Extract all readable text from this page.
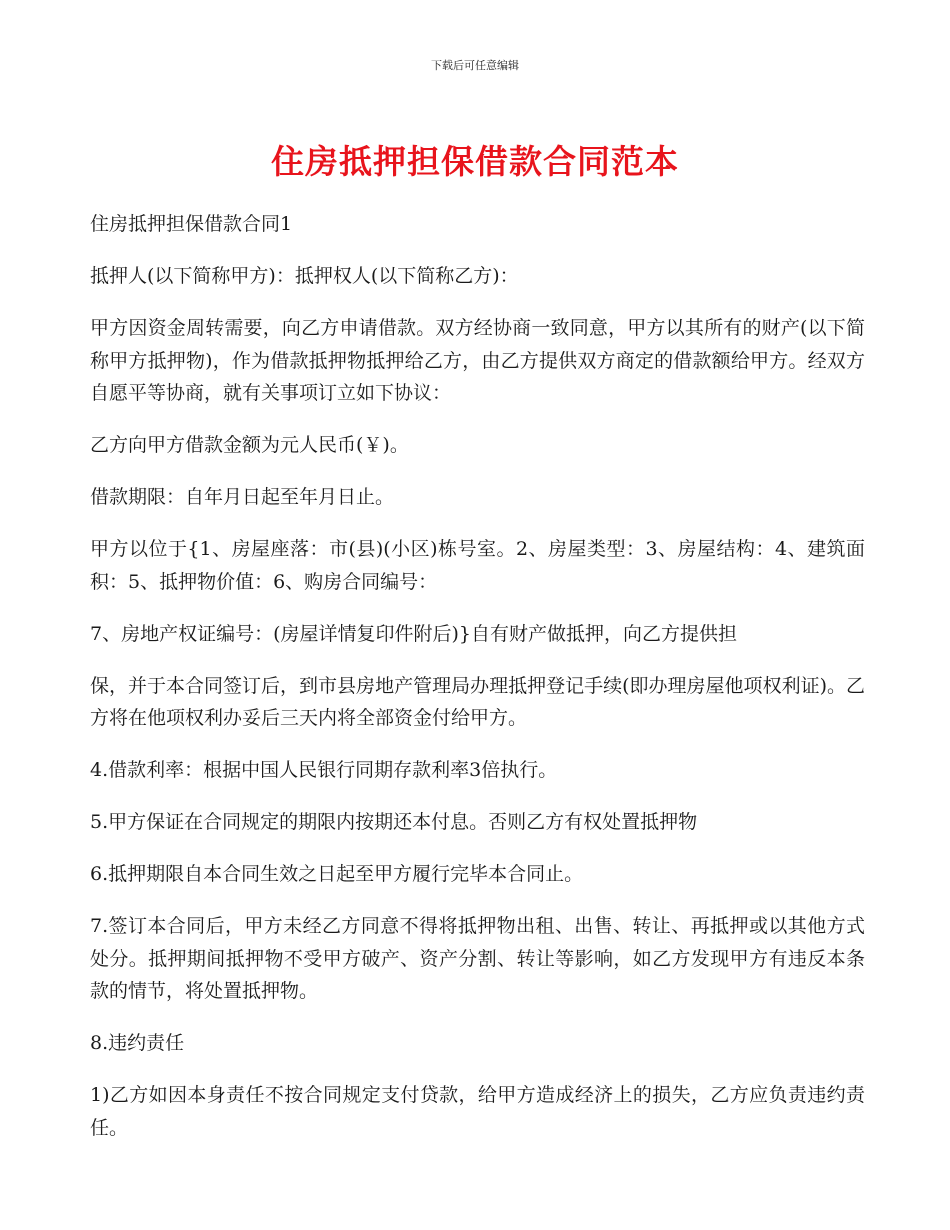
下载后可任意编辑
住房抵押担保借款合同范本

住房抵押担保借款合同1

抵押人(以下简称甲方)：抵押权人(以下简称乙方)：

甲方因资金周转需要，向乙方申请借款。双方经协商一致同意，甲方以其所有的财产(以下简称甲方抵押物)，作为借款抵押物抵押给乙方，由乙方提供双方商定的借款额给甲方。经双方自愿平等协商，就有关事项订立如下协议：

乙方向甲方借款金额为元人民币(￥)。

借款期限：自年月日起至年月日止。

甲方以位于{1、房屋座落：市(县)(小区)栋号室。2、房屋类型：3、房屋结构：4、建筑面积：5、抵押物价值：6、购房合同编号：

7、房地产权证编号：(房屋详情复印件附后)}自有财产做抵押，向乙方提供担

保，并于本合同签订后，到市县房地产管理局办理抵押登记手续(即办理房屋他项权利证)。乙方将在他项权利办妥后三天内将全部资金付给甲方。

4.借款利率：根据中国人民银行同期存款利率3倍执行。

5.甲方保证在合同规定的期限内按期还本付息。否则乙方有权处置抵押物

6.抵押期限自本合同生效之日起至甲方履行完毕本合同止。

7.签订本合同后，甲方未经乙方同意不得将抵押物出租、出售、转让、再抵押或以其他方式处分。抵押期间抵押物不受甲方破产、资产分割、转让等影响，如乙方发现甲方有违反本条款的情节，将处置抵押物。

8.违约责任

1)乙方如因本身责任不按合同规定支付贷款，给甲方造成经济上的损失，乙方应负责违约责任。
